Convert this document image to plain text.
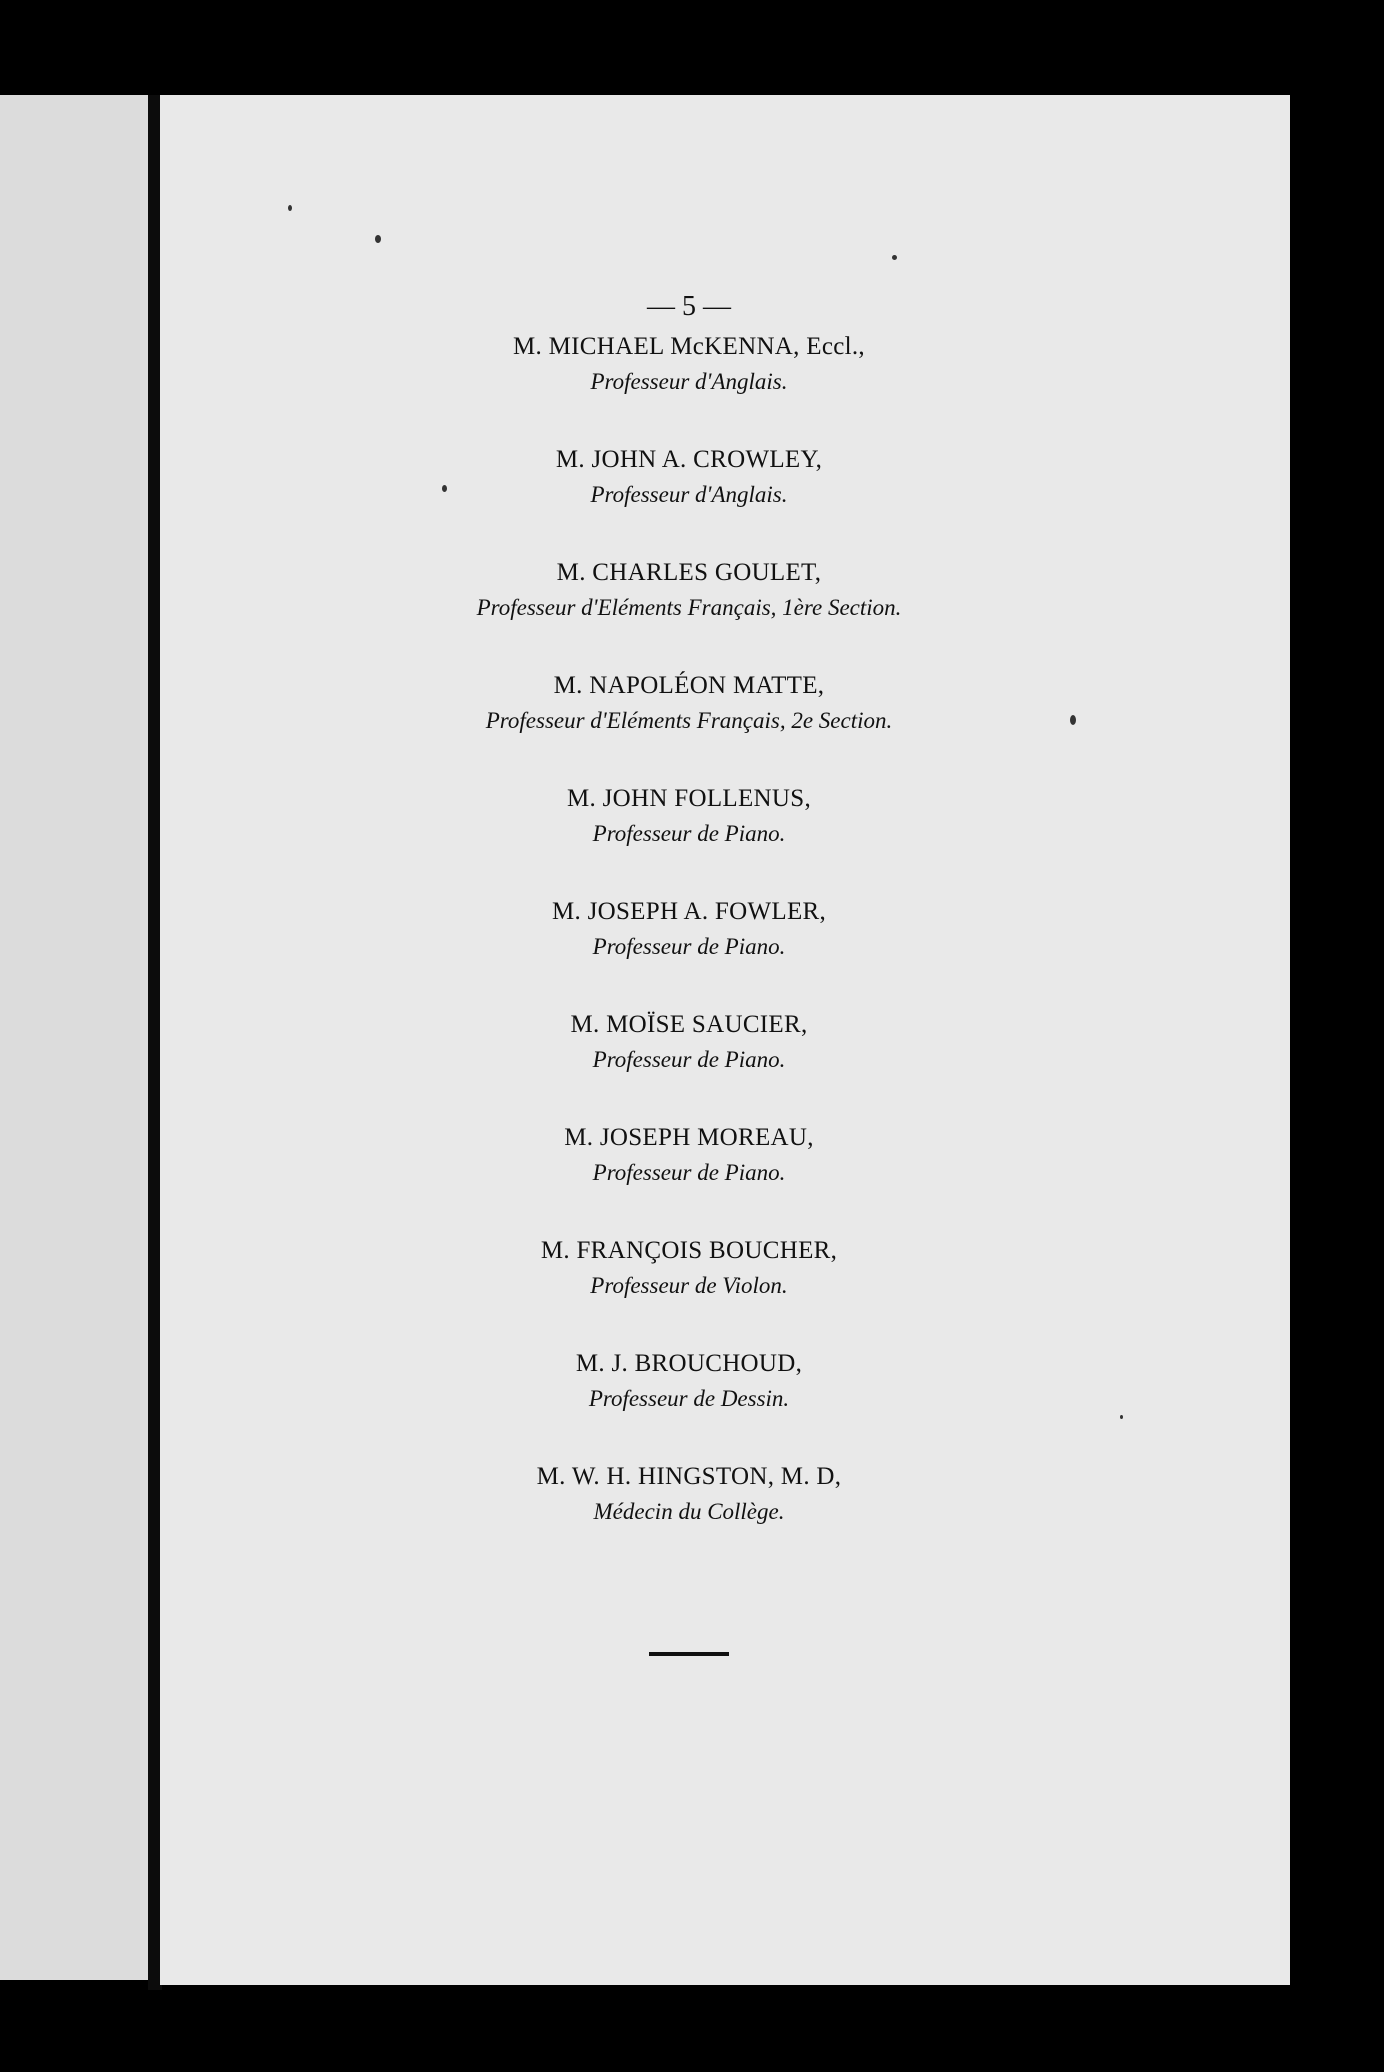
— 5 —
M. MICHAEL McKENNA, Eccl.,
Professeur d'Anglais.
M. JOHN A. CROWLEY,
Professeur d'Anglais.
M. CHARLES GOULET,
Professeur d'Eléments Français, 1ère Section.
M. NAPOLÉON MATTE,
Professeur d'Eléments Français, 2e Section.
M. JOHN FOLLENUS,
Professeur de Piano.
M. JOSEPH A. FOWLER,
Professeur de Piano.
M. MOÏSE SAUCIER,
Professeur de Piano.
M. JOSEPH MOREAU,
Professeur de Piano.
M. FRANÇOIS BOUCHER,
Professeur de Violon.
M. J. BROUCHOUD,
Professeur de Dessin.
M. W. H. HINGSTON, M. D,
Médecin du Collège.
